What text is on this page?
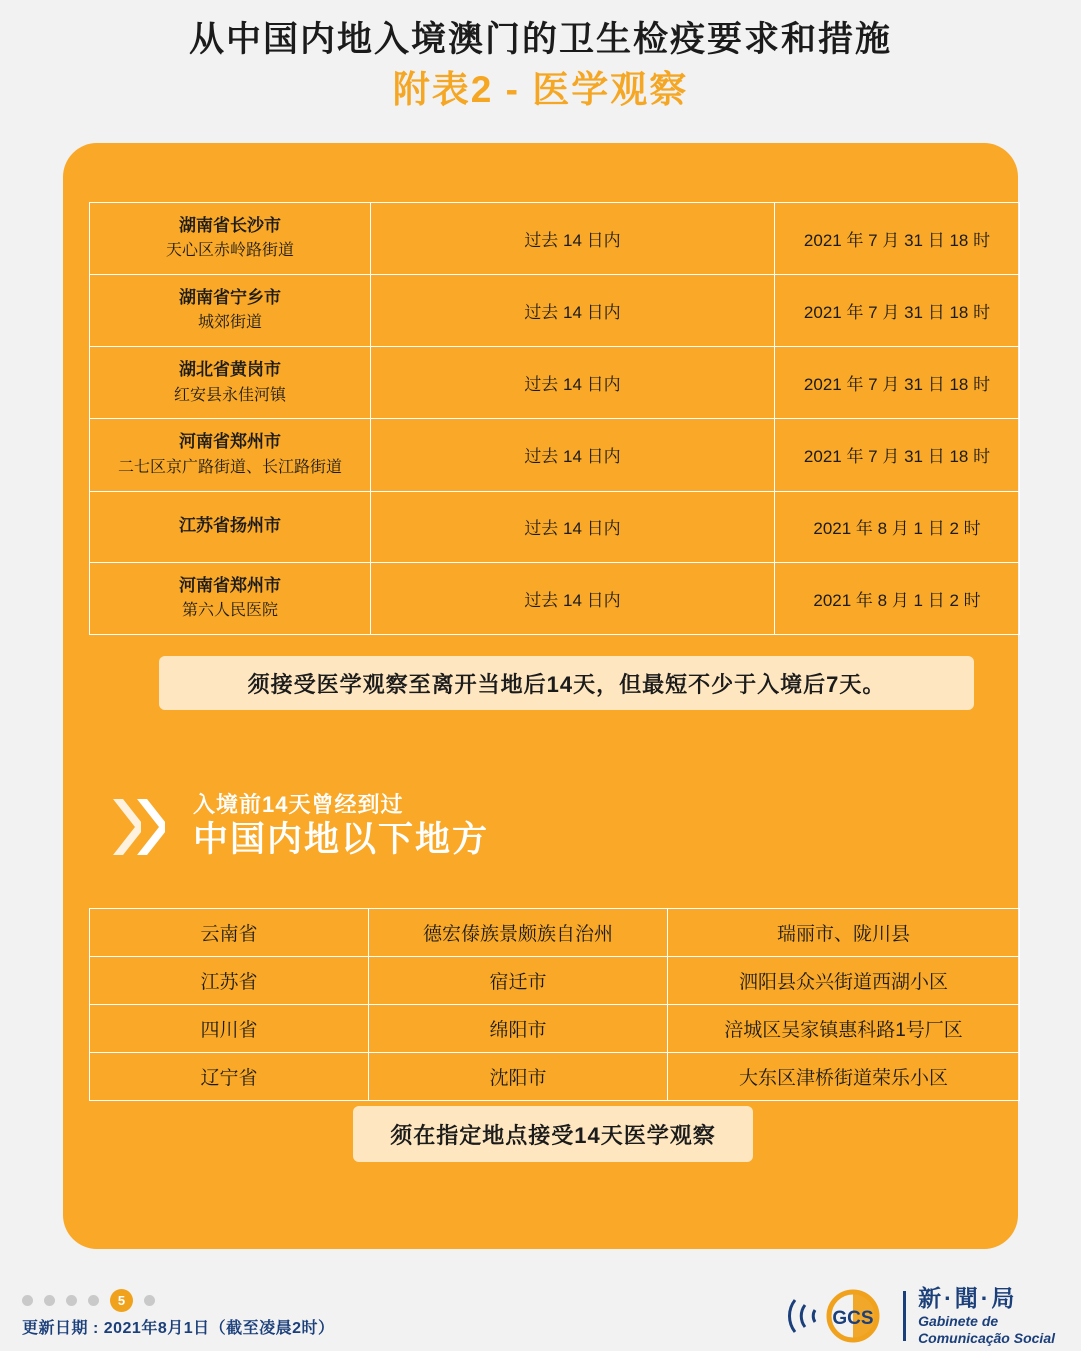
从中国内地入境澳门的卫生检疫要求和措施
附表2 - 医学观察
湖南省长沙市
天心区赤岭路街道	过去 14 日内	2021 年 7 月 31 日 18 时

湖南省宁乡市
城郊街道	过去 14 日内	2021 年 7 月 31 日 18 时

湖北省黄岗市
红安县永佳河镇	过去 14 日内	2021 年 7 月 31 日 18 时

河南省郑州市
二七区京广路街道、长江路街道	过去 14 日内	2021 年 7 月 31 日 18 时

江苏省扬州市	过去 14 日内	2021 年 8 月 1 日 2 时

河南省郑州市
第六人民医院	过去 14 日内	2021 年 8 月 1 日 2 时
须接受医学观察至离开当地后14天，但最短不少于入境后7天。
入境前14天曾经到过
中国内地以下地方
云南省	德宏傣族景颇族自治州	瑞丽市、陇川县
江苏省	宿迁市	泗阳县众兴街道西湖小区
四川省	绵阳市	涪城区吴家镇惠科路1号厂区
辽宁省	沈阳市	大东区津桥街道荣乐小区
须在指定地点接受14天医学观察
5
更新日期 : 2021年8月1日（截至凌晨2时）	GCS
新·聞·局
Gabinete de
Comunicação Social
